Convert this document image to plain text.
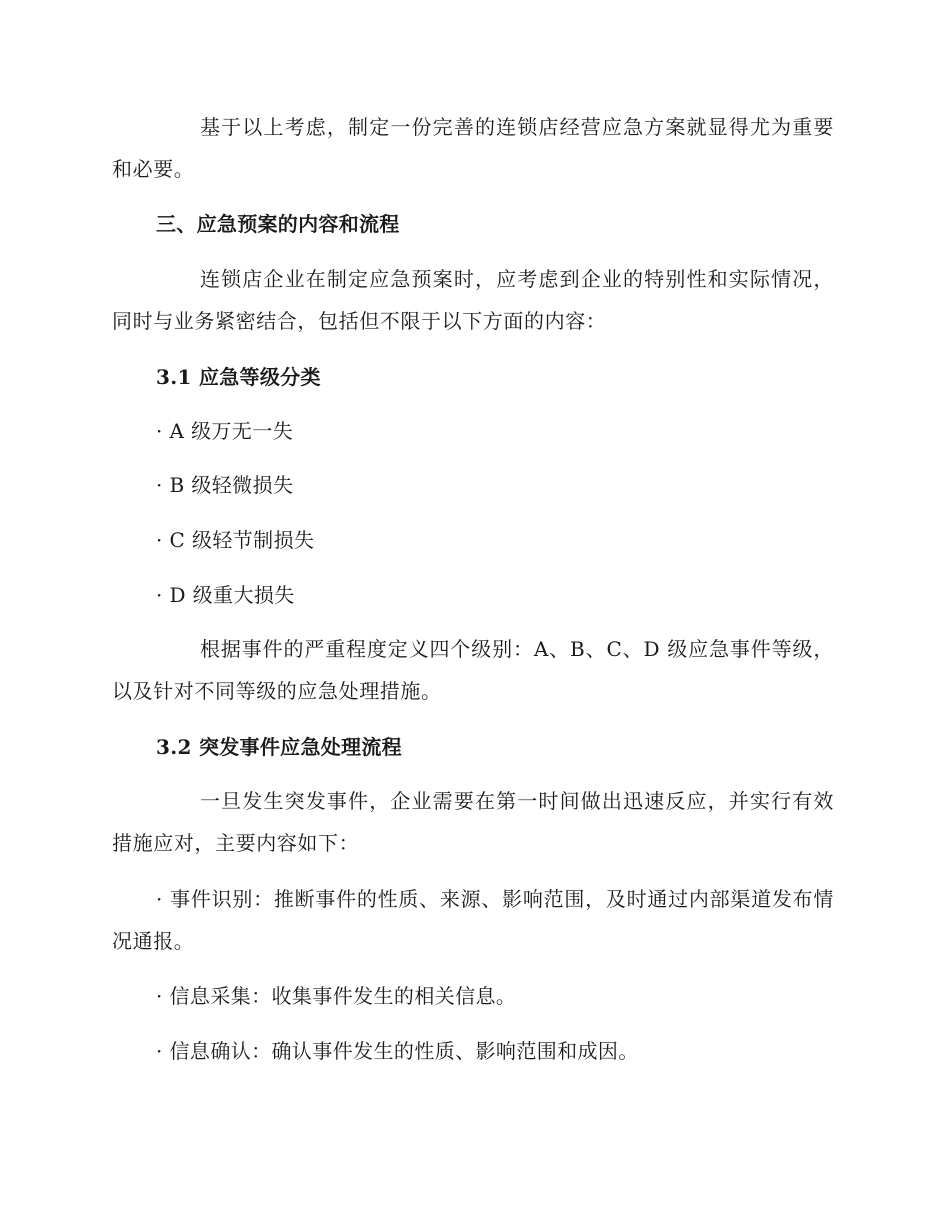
基于以上考虑，制定一份完善的连锁店经营应急方案就显得尤为重要和必要。

三、应急预案的内容和流程

连锁店企业在制定应急预案时，应考虑到企业的特别性和实际情况，同时与业务紧密结合，包括但不限于以下方面的内容：

3.1 应急等级分类

· A 级万无一失

· B 级轻微损失

· C 级轻节制损失

· D 级重大损失

根据事件的严重程度定义四个级别：A、B、C、D 级应急事件等级，以及针对不同等级的应急处理措施。

3.2 突发事件应急处理流程

一旦发生突发事件，企业需要在第一时间做出迅速反应，并实行有效措施应对，主要内容如下：

· 事件识别：推断事件的性质、来源、影响范围，及时通过内部渠道发布情况通报。

· 信息采集：收集事件发生的相关信息。

· 信息确认：确认事件发生的性质、影响范围和成因。
